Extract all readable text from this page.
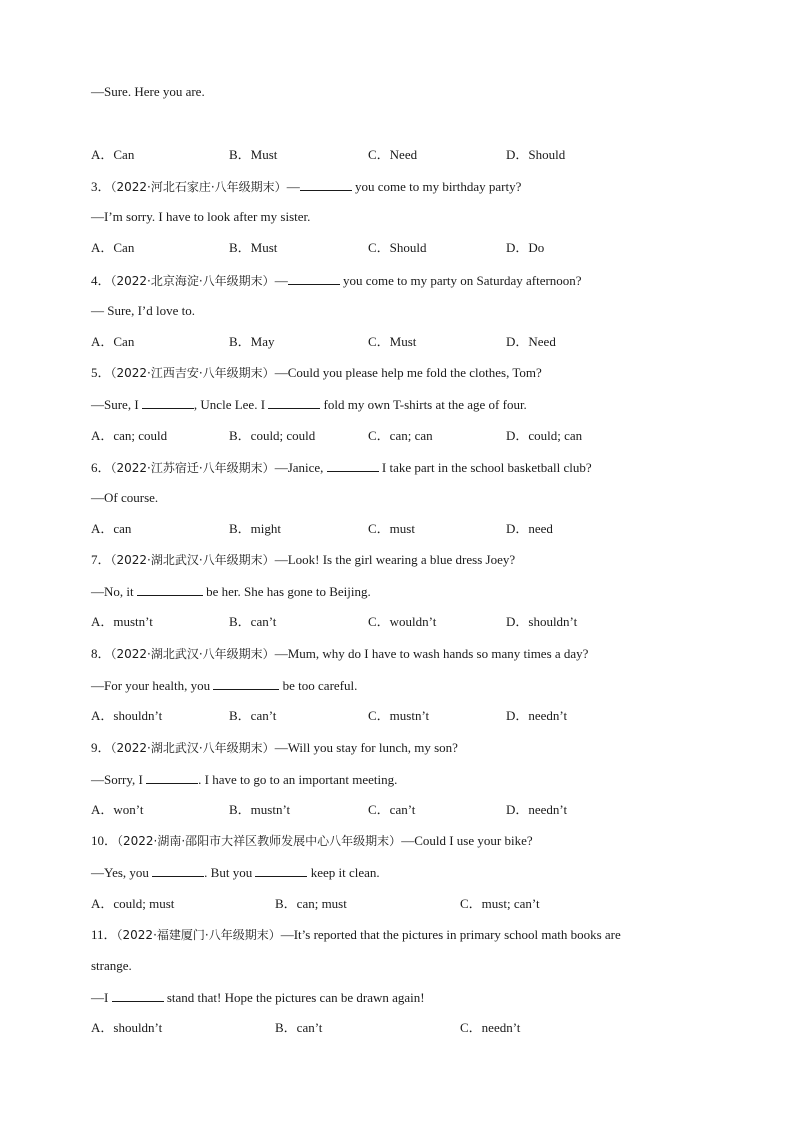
—Sure. Here you are.
A．Can	B．Must	C．Need	D．Should
3．（2022·河北石家庄·八年级期末）—	you come to my birthday party?
—I’m sorry. I have to look after my sister.
A．Can	B．Must	C．Should	D．Do
4．（2022·北京海淀·八年级期末）—	you come to my party on Saturday afternoon?
— Sure, I’d love to.
A．Can	B．May	C．Must	D．Need
5．（2022·江西吉安·八年级期末）—Could you please help me fold the clothes, Tom?
—Sure, I	, Uncle Lee. I	fold my own T-shirts at the age of four.
A．can; could	B．could; could	C．can; can	D．could; can
6．（2022·江苏宿迁·八年级期末）—Janice,	I take part in the school basketball club?
—Of course.
A．can	B．might	C．must	D．need
7．（2022·湖北武汉·八年级期末）—Look! Is the girl wearing a blue dress Joey?
—No, it	be her. She has gone to Beijing.
A．mustn’t	B．can’t	C．wouldn’t	D．shouldn’t
8．（2022·湖北武汉·八年级期末）—Mum, why do I have to wash hands so many times a day?
—For your health, you	be too careful.
A．shouldn’t	B．can’t	C．mustn’t	D．needn’t
9．（2022·湖北武汉·八年级期末）—Will you stay for lunch, my son?
—Sorry, I	. I have to go to an important meeting.
A．won’t	B．mustn’t	C．can’t	D．needn’t
10．（2022·湖南·邵阳市大祥区教师发展中心八年级期末）—Could I use your bike?
—Yes, you	. But you	keep it clean.
A．could; must	B．can; must	C．must; can’t
11．（2022·福建厦门·八年级期末）—It’s reported that the pictures in primary school math books are
strange.
—I	stand that! Hope the pictures can be drawn again!
A．shouldn’t	B．can’t	C．needn’t
